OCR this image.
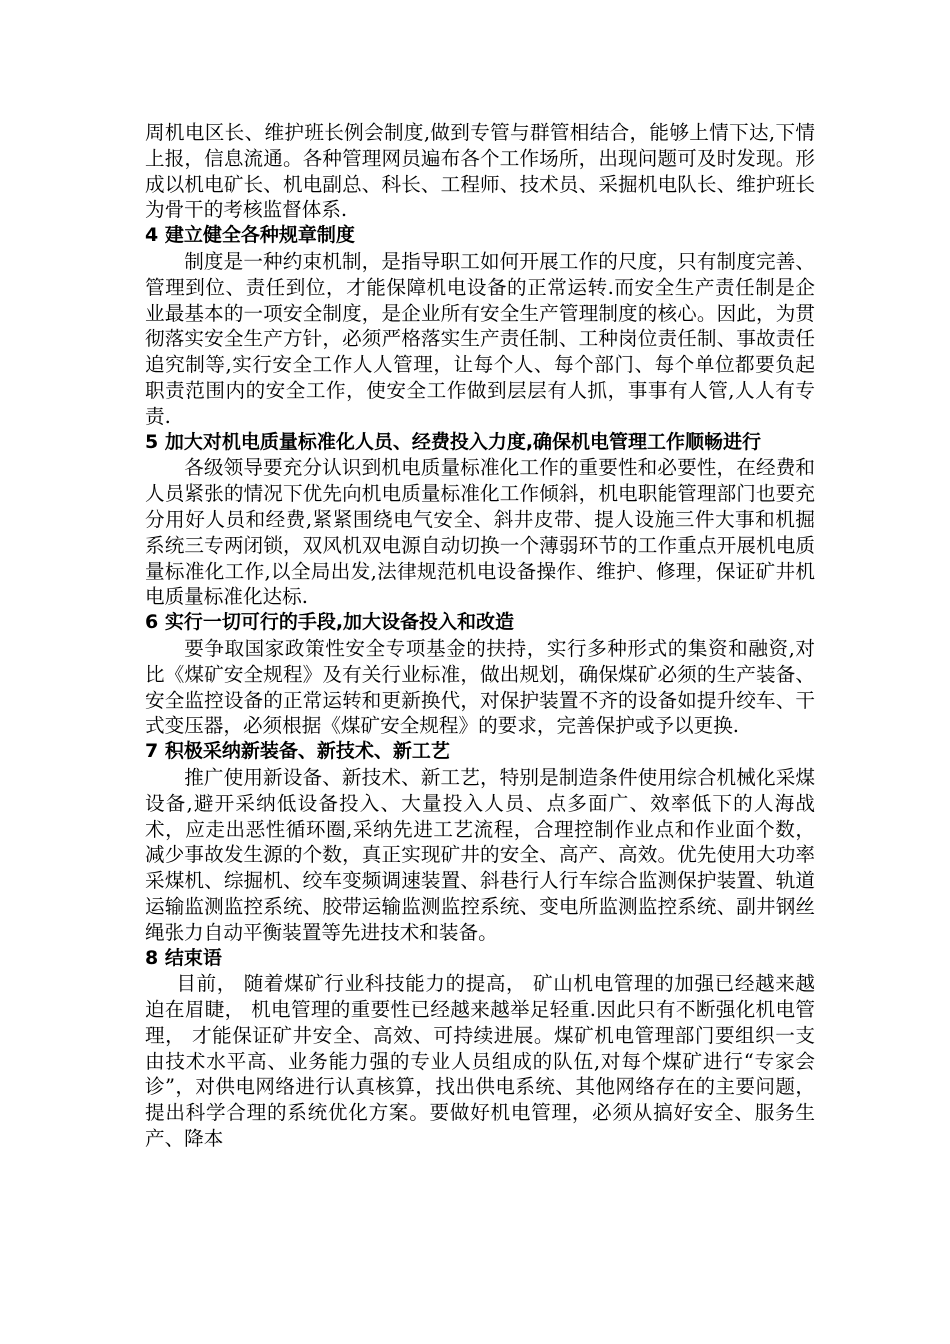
周机电区长、维护班长例会制度,做到专管与群管相结合，能够上情下达,下情上报，信息流通。各种管理网员遍布各个工作场所，出现问题可及时发现。形成以机电矿长、机电副总、科长、工程师、技术员、采掘机电队长、维护班长为骨干的考核监督体系.

4 建立健全各种规章制度

制度是一种约束机制，是指导职工如何开展工作的尺度，只有制度完善、管理到位、责任到位，才能保障机电设备的正常运转.而安全生产责任制是企业最基本的一项安全制度，是企业所有安全生产管理制度的核心。因此，为贯彻落实安全生产方针，必须严格落实生产责任制、工种岗位责任制、事故责任追究制等,实行安全工作人人管理，让每个人、每个部门、每个单位都要负起职责范围内的安全工作，使安全工作做到层层有人抓，事事有人管,人人有专责.

5 加大对机电质量标准化人员、经费投入力度,确保机电管理工作顺畅进行

各级领导要充分认识到机电质量标准化工作的重要性和必要性，在经费和人员紧张的情况下优先向机电质量标准化工作倾斜，机电职能管理部门也要充分用好人员和经费,紧紧围绕电气安全、斜井皮带、提人设施三件大事和机掘系统三专两闭锁，双风机双电源自动切换一个薄弱环节的工作重点开展机电质量标准化工作,以全局出发,法律规范机电设备操作、维护、修理，保证矿井机电质量标准化达标.

6 实行一切可行的手段,加大设备投入和改造

要争取国家政策性安全专项基金的扶持，实行多种形式的集资和融资,对比《煤矿安全规程》及有关行业标准，做出规划，确保煤矿必须的生产装备、安全监控设备的正常运转和更新换代，对保护装置不齐的设备如提升绞车、干式变压器，必须根据《煤矿安全规程》的要求，完善保护或予以更换.

7 积极采纳新装备、新技术、新工艺

推广使用新设备、新技术、新工艺，特别是制造条件使用综合机械化采煤设备,避开采纳低设备投入、大量投入人员、点多面广、效率低下的人海战术，应走出恶性循环圈,采纳先进工艺流程，合理控制作业点和作业面个数，减少事故发生源的个数，真正实现矿井的安全、高产、高效。优先使用大功率采煤机、综掘机、绞车变频调速装置、斜巷行人行车综合监测保护装置、轨道运输监测监控系统、胶带运输监测监控系统、变电所监测监控系统、副井钢丝绳张力自动平衡装置等先进技术和装备。

8 结束语

目前， 随着煤矿行业科技能力的提高， 矿山机电管理的加强已经越来越迫在眉睫， 机电管理的重要性已经越来越举足轻重.因此只有不断强化机电管理， 才能保证矿井安全、高效、可持续进展。煤矿机电管理部门要组织一支由技术水平高、业务能力强的专业人员组成的队伍,对每个煤矿进行“专家会诊”，对供电网络进行认真核算，找出供电系统、其他网络存在的主要问题，提出科学合理的系统优化方案。要做好机电管理，必须从搞好安全、服务生产、降本
